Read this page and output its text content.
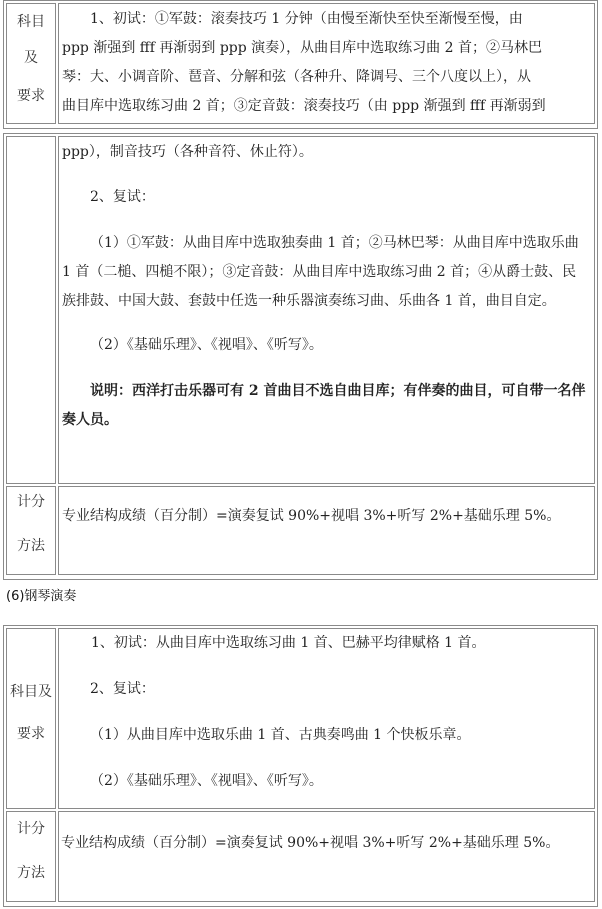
科目
及
要求

1、初试：①军鼓：滚奏技巧 1 分钟（由慢至渐快至快至渐慢至慢，由

ppp 渐强到 fff 再渐弱到 ppp 演奏），从曲目库中选取练习曲 2 首；②马林巴

琴：大、小调音阶、琶音、分解和弦（各种升、降调号、三个八度以上），从

曲目库中选取练习曲 2 首；③定音鼓：滚奏技巧（由 ppp 渐强到 fff 再渐弱到

ppp），制音技巧（各种音符、休止符）。

2、复试：

（1）①军鼓：从曲目库中选取独奏曲 1 首；②马林巴琴：从曲目库中选取乐曲 1 首（二槌、四槌不限）；③定音鼓：从曲目库中选取练习曲 2 首；④从爵士鼓、民族排鼓、中国大鼓、套鼓中任选一种乐器演奏练习曲、乐曲各 1 首，曲目自定。

（2）《基础乐理》、《视唱》、《听写》。

说明：西洋打击乐器可有 2 首曲目不选自曲目库；有伴奏的曲目，可自带一名伴奏人员。

计分
方法

专业结构成绩（百分制）=演奏复试 90%+视唱 3%+听写 2%+基础乐理 5%。

(6)钢琴演奏
科目及
要求

1、初试：从曲目库中选取练习曲 1 首、巴赫平均律赋格 1 首。

2、复试：

（1）从曲目库中选取乐曲 1 首、古典奏鸣曲 1 个快板乐章。

（2）《基础乐理》、《视唱》、《听写》。

计分
方法

专业结构成绩（百分制）=演奏复试 90%+视唱 3%+听写 2%+基础乐理 5%。
